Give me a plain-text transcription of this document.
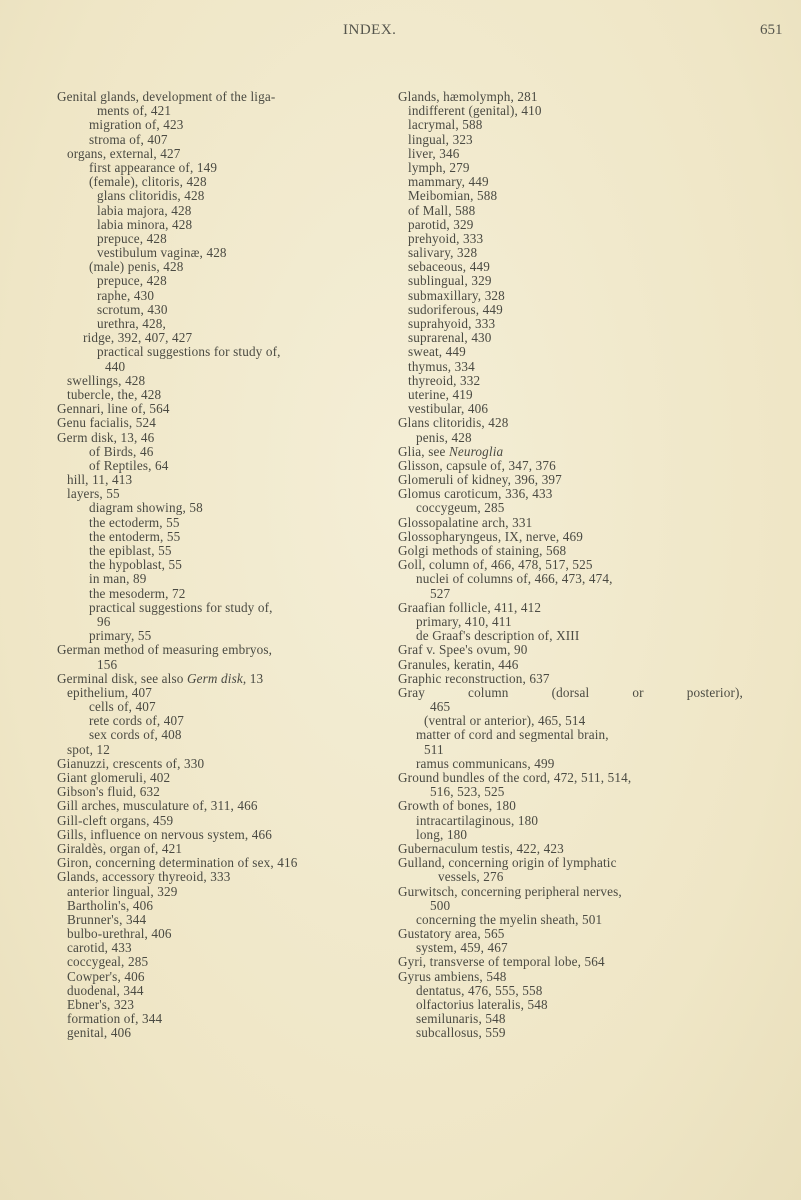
INDEX.	651
Genital glands, development of the liga-
ments of, 421
migration of, 423
stroma of, 407
organs, external, 427
first appearance of, 149
(female), clitoris, 428
glans clitoridis, 428
labia majora, 428
labia minora, 428
prepuce, 428
vestibulum vaginæ, 428
(male) penis, 428
prepuce, 428
raphe, 430
scrotum, 430
urethra, 428,
ridge, 392, 407, 427
practical suggestions for study of,
440
swellings, 428
tubercle, the, 428
Gennari, line of, 564
Genu facialis, 524
Germ disk, 13, 46
of Birds, 46
of Reptiles, 64
hill, 11, 413
layers, 55
diagram showing, 58
the ectoderm, 55
the entoderm, 55
the epiblast, 55
the hypoblast, 55
in man, 89
the mesoderm, 72
practical suggestions for study of,
96
primary, 55
German method of measuring embryos,
156
Germinal disk, see also Germ disk, 13
epithelium, 407
cells of, 407
rete cords of, 407
sex cords of, 408
spot, 12
Gianuzzi, crescents of, 330
Giant glomeruli, 402
Gibson's fluid, 632
Gill arches, musculature of, 311, 466
Gill-cleft organs, 459
Gills, influence on nervous system, 466
Giraldès, organ of, 421
Giron, concerning determination of sex, 416
Glands, accessory thyreoid, 333
anterior lingual, 329
Bartholin's, 406
Brunner's, 344
bulbo-urethral, 406
carotid, 433
coccygeal, 285
Cowper's, 406
duodenal, 344
Ebner's, 323
formation of, 344
genital, 406
Glands, hæmolymph, 281
indifferent (genital), 410
lacrymal, 588
lingual, 323
liver, 346
lymph, 279
mammary, 449
Meibomian, 588
of Mall, 588
parotid, 329
prehyoid, 333
salivary, 328
sebaceous, 449
sublingual, 329
submaxillary, 328
sudoriferous, 449
suprahyoid, 333
suprarenal, 430
sweat, 449
thymus, 334
thyreoid, 332
uterine, 419
vestibular, 406
Glans clitoridis, 428
penis, 428
Glia, see Neuroglia
Glisson, capsule of, 347, 376
Glomeruli of kidney, 396, 397
Glomus caroticum, 336, 433
coccygeum, 285
Glossopalatine arch, 331
Glossopharyngeus, IX, nerve, 469
Golgi methods of staining, 568
Goll, column of, 466, 478, 517, 525
nuclei of columns of, 466, 473, 474,
527
Graafian follicle, 411, 412
primary, 410, 411
de Graaf's description of, XIII
Graf v. Spee's ovum, 90
Granules, keratin, 446
Graphic reconstruction, 637
Gray column (dorsal or posterior),
465
(ventral or anterior), 465, 514
matter of cord and segmental brain,
511
ramus communicans, 499
Ground bundles of the cord, 472, 511, 514,
516, 523, 525
Growth of bones, 180
intracartilaginous, 180
long, 180
Gubernaculum testis, 422, 423
Gulland, concerning origin of lymphatic
vessels, 276
Gurwitsch, concerning peripheral nerves,
500
concerning the myelin sheath, 501
Gustatory area, 565
system, 459, 467
Gyri, transverse of temporal lobe, 564
Gyrus ambiens, 548
dentatus, 476, 555, 558
olfactorius lateralis, 548
semilunaris, 548
subcallosus, 559
